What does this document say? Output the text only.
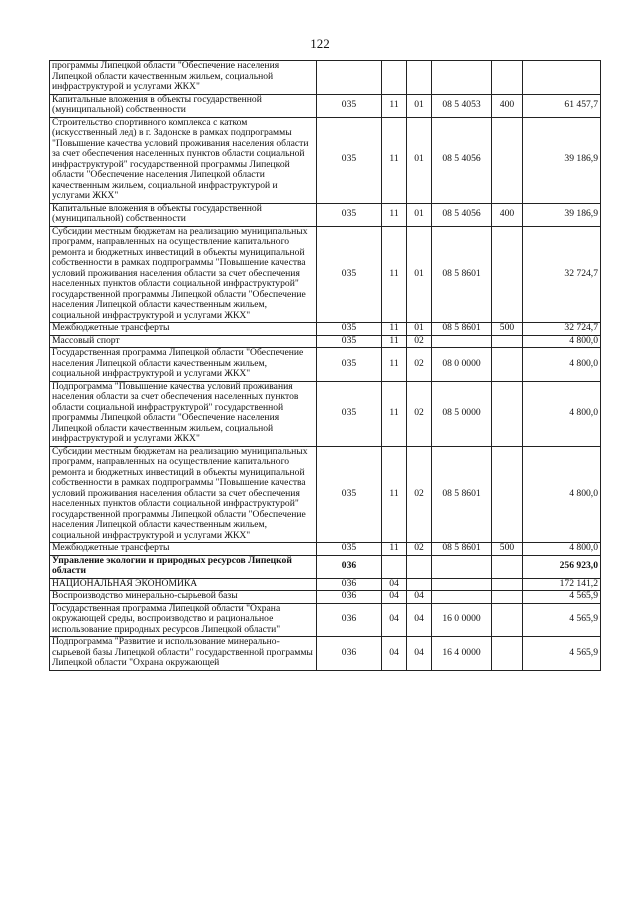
122
программы Липецкой области "Обеспечение населения Липецкой области качественным жильем, социальной инфраструктурой и услугами ЖКХ"						
Капитальные вложения в объекты государственной (муниципальной) собственности	035	11	01	08 5 4053	400	61 457,7
Строительство спортивного комплекса с катком (искусственный лед) в г. Задонске в рамках подпрограммы "Повышение качества условий проживания населения области за счет обеспечения населенных пунктов области социальной инфраструктурой" государственной программы Липецкой области "Обеспечение населения Липецкой области качественным жильем, социальной инфраструктурой и услугами ЖКХ"	035	11	01	08 5 4056		39 186,9
Капитальные вложения в объекты государственной (муниципальной) собственности	035	11	01	08 5 4056	400	39 186,9
Субсидии местным бюджетам на реализацию муниципальных программ, направленных на осуществление капитального ремонта и бюджетных инвестиций в объекты муниципальной собственности в рамках подпрограммы "Повышение качества условий проживания населения области за счет обеспечения населенных пунктов области социальной инфраструктурой" государственной программы Липецкой области "Обеспечение населения Липецкой области качественным жильем, социальной инфраструктурой и услугами ЖКХ"	035	11	01	08 5 8601		32 724,7
Межбюджетные трансферты	035	11	01	08 5 8601	500	32 724,7
Массовый спорт	035	11	02			4 800,0
Государственная программа Липецкой области "Обеспечение населения Липецкой области качественным жильем, социальной инфраструктурой и услугами ЖКХ"	035	11	02	08 0 0000		4 800,0
Подпрограмма "Повышение качества условий проживания населения области за счет обеспечения населенных пунктов области социальной инфраструктурой" государственной программы Липецкой области "Обеспечение населения Липецкой области качественным жильем, социальной инфраструктурой и услугами ЖКХ"	035	11	02	08 5 0000		4 800,0
Субсидии местным бюджетам на реализацию муниципальных программ, направленных на осуществление капитального ремонта и бюджетных инвестиций в объекты муниципальной собственности в рамках подпрограммы "Повышение качества условий проживания населения области за счет обеспечения населенных пунктов области социальной инфраструктурой" государственной программы Липецкой области "Обеспечение населения Липецкой области качественным жильем, социальной инфраструктурой и услугами ЖКХ"	035	11	02	08 5 8601		4 800,0
Межбюджетные трансферты	035	11	02	08 5 8601	500	4 800,0
Управление экологии и природных ресурсов Липецкой области	036					256 923,0
НАЦИОНАЛЬНАЯ ЭКОНОМИКА	036	04				172 141,2
Воспроизводство минерально-сырьевой базы	036	04	04			4 565,9
Государственная программа Липецкой области "Охрана окружающей среды, воспроизводство и рациональное использование природных ресурсов Липецкой области"	036	04	04	16 0 0000		4 565,9
Подпрограмма "Развитие и использование минерально-сырьевой базы Липецкой области" государственной программы Липецкой области "Охрана окружающей	036	04	04	16 4 0000		4 565,9
